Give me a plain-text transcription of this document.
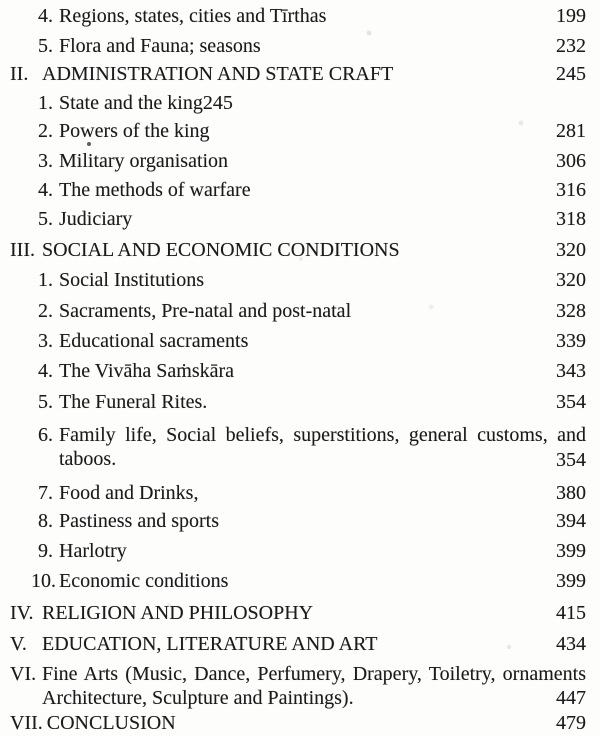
4. Regions, states, cities and Tīrthas	199
5. Flora and Fauna; seasons	232
II. ADMINISTRATION AND STATE CRAFT	245
1. State and the king245
2. Powers of the king	281
3. Military organisation	306
4. The methods of warfare	316
5. Judiciary	318
III. SOCIAL AND ECONOMIC CONDITIONS	320
1. Social Institutions	320
2. Sacraments, Pre-natal and post-natal	328
3. Educational sacraments	339
4. The Vivāha Saṁskāra	343
5. The Funeral Rites.	354
6. Family life, Social beliefs, superstitions, general customs, and taboos.	354
7. Food and Drinks,	380
8. Pastiness and sports	394
9. Harlotry	399
10. Economic conditions	399
IV. RELIGION AND PHILOSOPHY	415
V. EDUCATION, LITERATURE AND ART	434
VI. Fine Arts (Music, Dance, Perfumery, Drapery, Toiletry, ornaments
Architecture, Sculpture and Paintings).	447
VII. CONCLUSION	479
